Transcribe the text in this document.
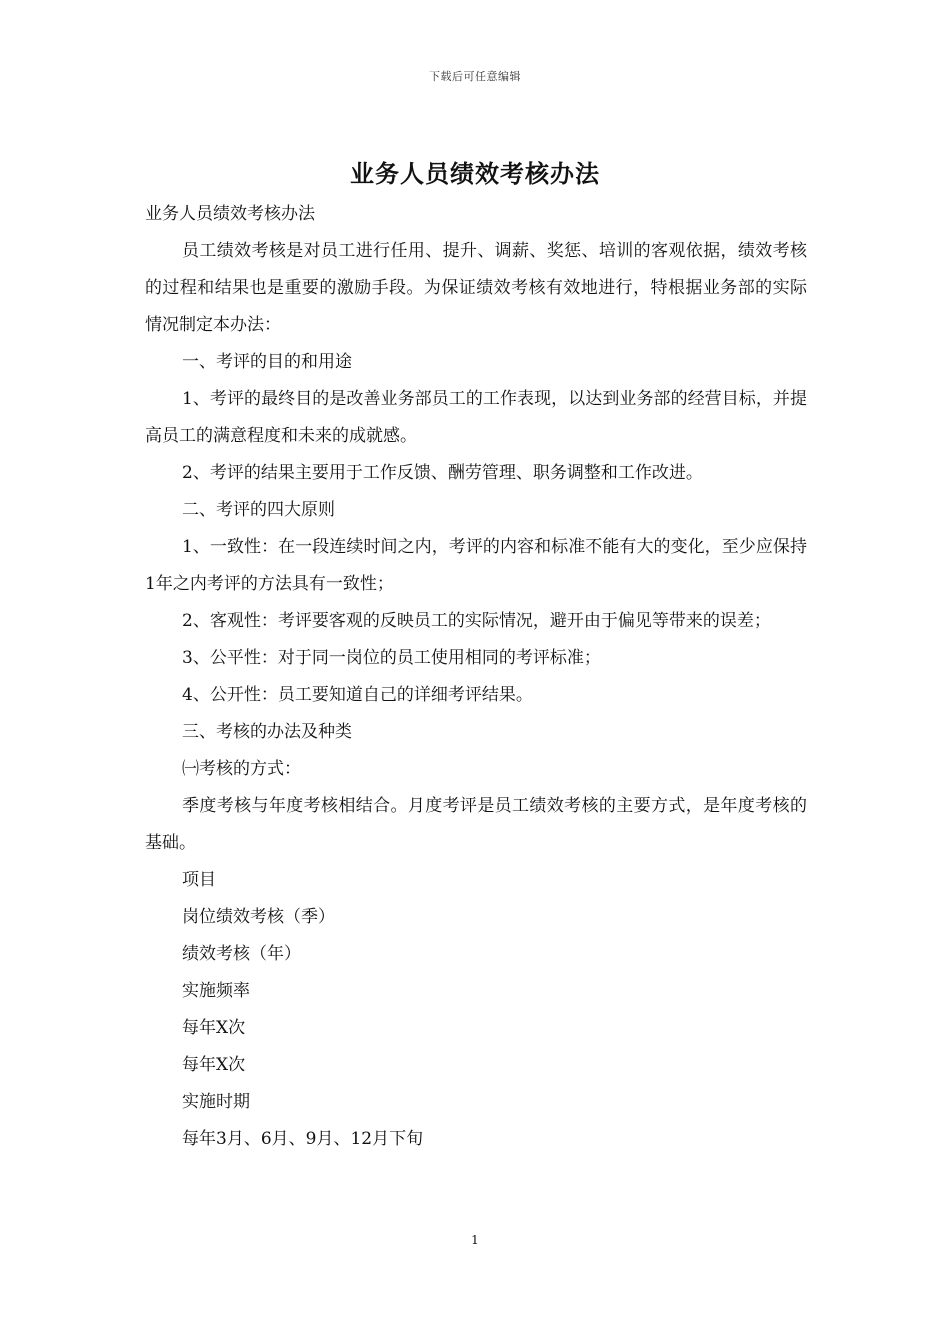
下载后可任意编辑
业务人员绩效考核办法

业务人员绩效考核办法

员工绩效考核是对员工进行任用、提升、调薪、奖惩、培训的客观依据，绩效考核的过程和结果也是重要的激励手段。为保证绩效考核有效地进行，特根据业务部的实际情况制定本办法：

一、考评的目的和用途

1、考评的最终目的是改善业务部员工的工作表现，以达到业务部的经营目标，并提高员工的满意程度和未来的成就感。

2、考评的结果主要用于工作反馈、酬劳管理、职务调整和工作改进。

二、考评的四大原则

1、一致性：在一段连续时间之内，考评的内容和标准不能有大的变化，至少应保持1年之内考评的方法具有一致性；

2、客观性：考评要客观的反映员工的实际情况，避开由于偏见等带来的误差；

3、公平性：对于同一岗位的员工使用相同的考评标准；

4、公开性：员工要知道自己的详细考评结果。

三、考核的办法及种类

㈠考核的方式：

季度考核与年度考核相结合。月度考评是员工绩效考核的主要方式，是年度考核的基础。

项目

岗位绩效考核（季）

绩效考核（年）

实施频率

每年X次

每年X次

实施时期

每年3月、6月、9月、12月下旬

1
